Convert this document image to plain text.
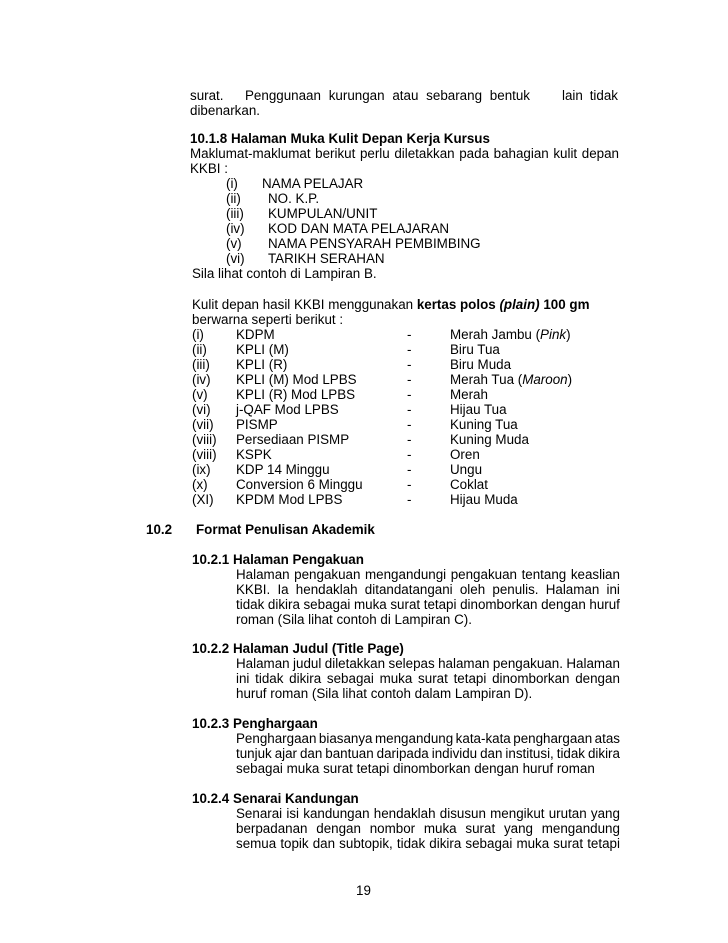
surat. Penggunaan kurungan atau sebarang bentuk lain tidak
dibenarkan.
10.1.8 Halaman Muka Kulit Depan Kerja Kursus
Maklumat-maklumat berikut perlu diletakkan pada bahagian kulit depan
KKBI :
(i) NAMA PELAJAR
(ii) NO. K.P.
(iii) KUMPULAN/UNIT
(iv) KOD DAN MATA PELAJARAN
(v) NAMA PENSYARAH PEMBIMBING
(vi) TARIKH SERAHAN
Sila lihat contoh di Lampiran B.
Kulit depan hasil KKBI menggunakan kertas polos (plain) 100 gm
berwarna seperti berikut :
(i) KDPM	-	Merah Jambu (Pink)
(ii) KPLI (M)	-	Biru Tua
(iii) KPLI (R)	-	Biru Muda
(iv) KPLI (M) Mod LPBS	-	Merah Tua (Maroon)
(v) KPLI (R) Mod LPBS	-	Merah
(vi) j-QAF Mod LPBS	-	Hijau Tua
(vii) PISMP	-	Kuning Tua
(viii) Persediaan PISMP	-	Kuning Muda
(viii) KSPK	-	Oren
(ix) KDP 14 Minggu	-	Ungu
(x) Conversion 6 Minggu	-	Coklat
(XI) KPDM Mod LPBS	-	Hijau Muda
10.2 Format Penulisan Akademik
10.2.1 Halaman Pengakuan
Halaman pengakuan mengandungi pengakuan tentang keaslian
KKBI. Ia hendaklah ditandatangani oleh penulis. Halaman ini
tidak dikira sebagai muka surat tetapi dinomborkan dengan huruf
roman (Sila lihat contoh di Lampiran C).
10.2.2 Halaman Judul (Title Page)
Halaman judul diletakkan selepas halaman pengakuan. Halaman
ini tidak dikira sebagai muka surat tetapi dinomborkan dengan
huruf roman (Sila lihat contoh dalam Lampiran D).
10.2.3 Penghargaan
Penghargaan biasanya mengandung kata-kata penghargaan atas
tunjuk ajar dan bantuan daripada individu dan institusi, tidak dikira
sebagai muka surat tetapi dinomborkan dengan huruf roman
10.2.4 Senarai Kandungan
Senarai isi kandungan hendaklah disusun mengikut urutan yang
berpadanan dengan nombor muka surat yang mengandung
semua topik dan subtopik, tidak dikira sebagai muka surat tetapi
19
